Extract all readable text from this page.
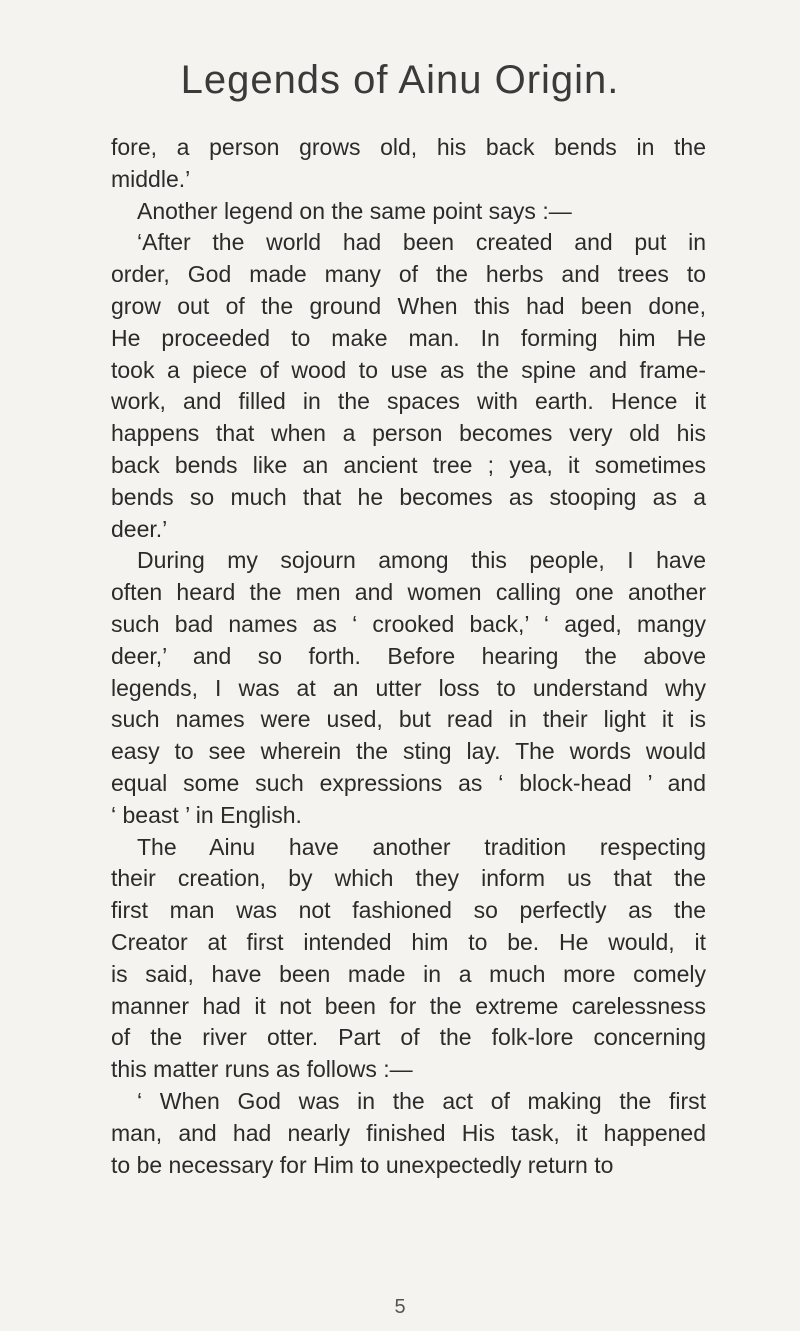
Legends of Ainu Origin.

fore, a person grows old, his back bends in the
middle.’

Another legend on the same point says :—

‘After the world had been created and put in
order, God made many of the herbs and trees to
grow out of the ground When this had been done,
He proceeded to make man. In forming him He
took a piece of wood to use as the spine and frame-
work, and filled in the spaces with earth. Hence it
happens that when a person becomes very old his
back bends like an ancient tree ; yea, it sometimes
bends so much that he becomes as stooping as a
deer.’

During my sojourn among this people, I have
often heard the men and women calling one another
such bad names as ‘ crooked back,’ ‘ aged, mangy
deer,’ and so forth. Before hearing the above
legends, I was at an utter loss to understand why
such names were used, but read in their light it is
easy to see wherein the sting lay. The words would
equal some such expressions as ‘ block-head ’ and
‘ beast ’ in English.

The Ainu have another tradition respecting
their creation, by which they inform us that the
first man was not fashioned so perfectly as the
Creator at first intended him to be. He would, it
is said, have been made in a much more comely
manner had it not been for the extreme carelessness
of the river otter. Part of the folk-lore concerning
this matter runs as follows :—

‘ When God was in the act of making the first
man, and had nearly finished His task, it happened
to be necessary for Him to unexpectedly return to

5
